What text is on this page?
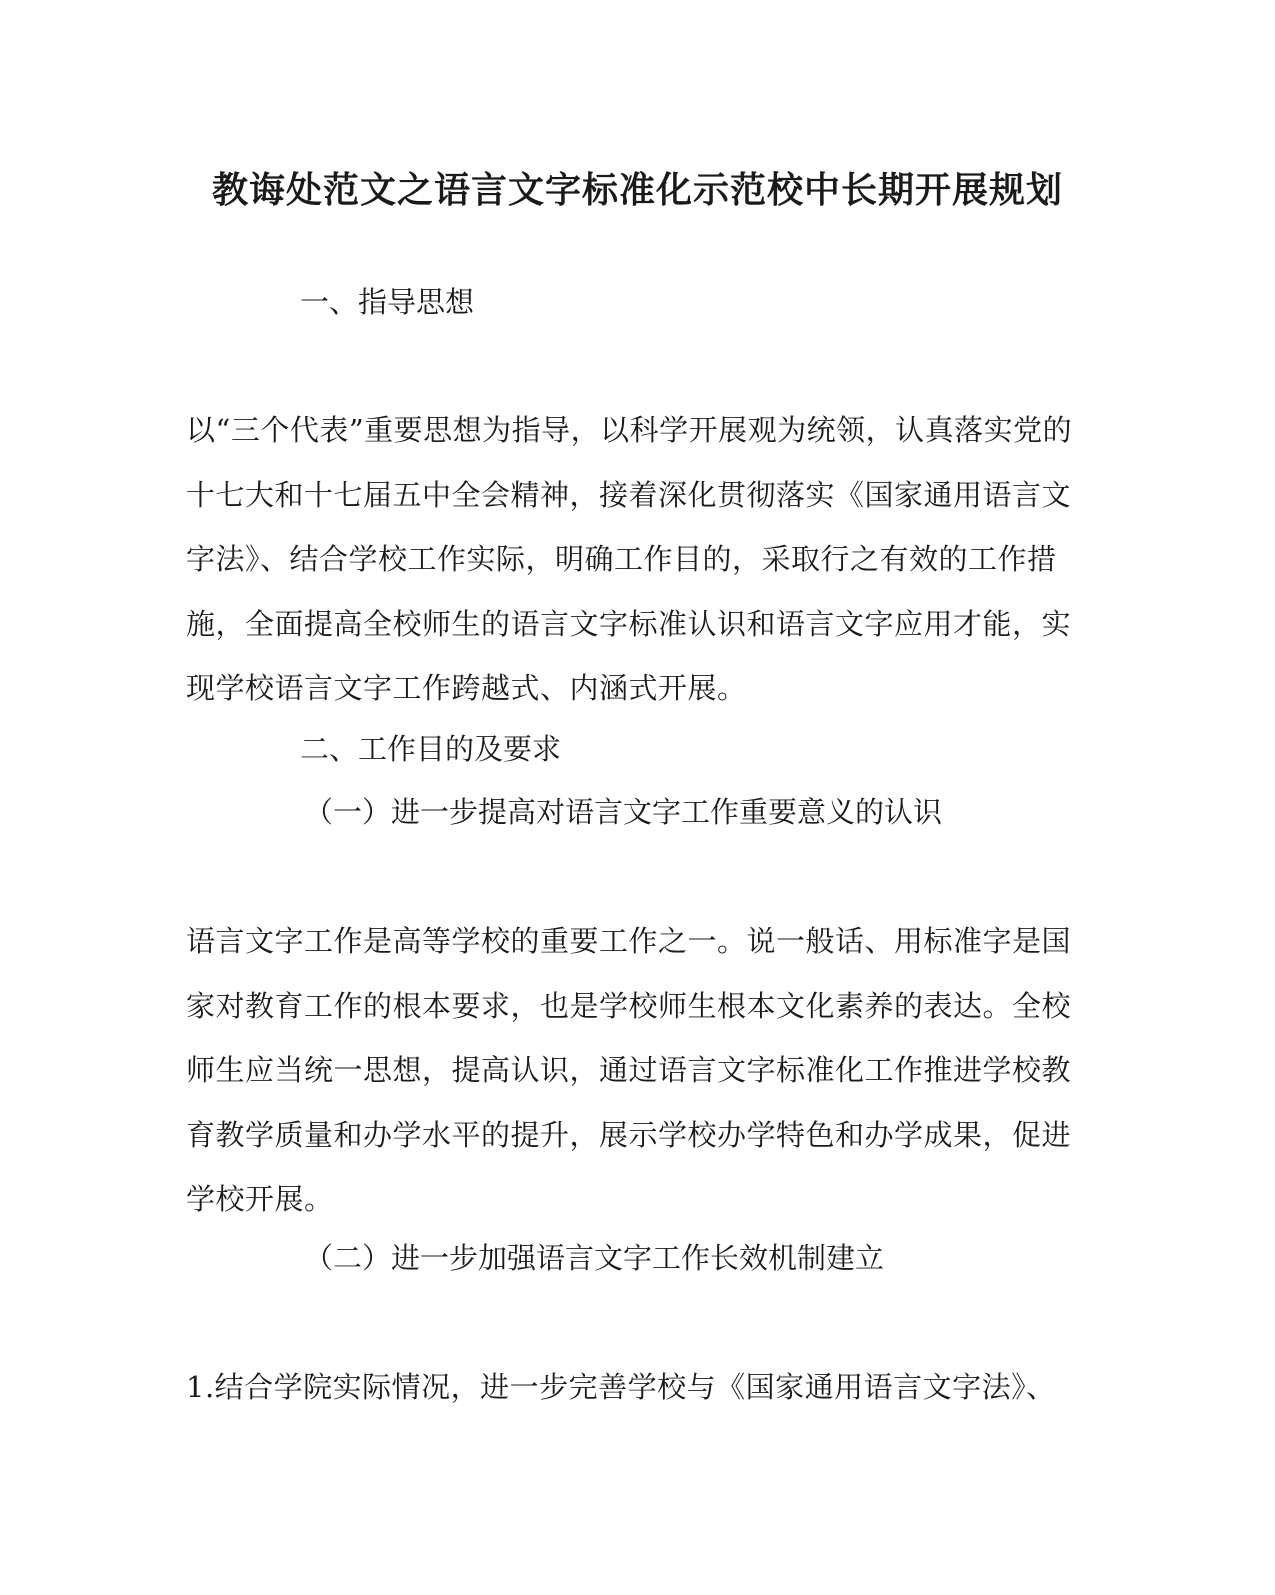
教诲处范文之语言文字标准化示范校中长期开展规划
一、指导思想
以“三个代表”重要思想为指导，以科学开展观为统领，认真落实党的
十七大和十七届五中全会精神，接着深化贯彻落实《国家通用语言文
字法》、结合学校工作实际，明确工作目的，采取行之有效的工作措
施，全面提高全校师生的语言文字标准认识和语言文字应用才能，实
现学校语言文字工作跨越式、内涵式开展。
二、工作目的及要求
（一）进一步提高对语言文字工作重要意义的认识
语言文字工作是高等学校的重要工作之一。说一般话、用标准字是国
家对教育工作的根本要求，也是学校师生根本文化素养的表达。全校
师生应当统一思想，提高认识，通过语言文字标准化工作推进学校教
育教学质量和办学水平的提升，展示学校办学特色和办学成果，促进
学校开展。
（二）进一步加强语言文字工作长效机制建立
1.结合学院实际情况，进一步完善学校与《国家通用语言文字法》、
